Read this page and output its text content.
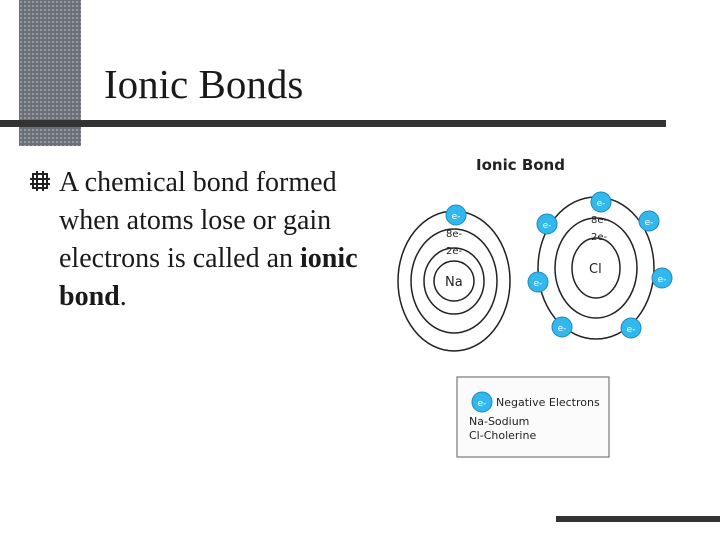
Ionic Bonds
A chemical bond formed when atoms lose or gain electrons is called an ionic bond.
Ionic Bond
Na
8e-
2e-
Cl
8e-
2e-
e-
e-
e-	e-
e-	e-
e-	e-
e- Negative Electrons
Na-Sodium
Cl-Cholerine
